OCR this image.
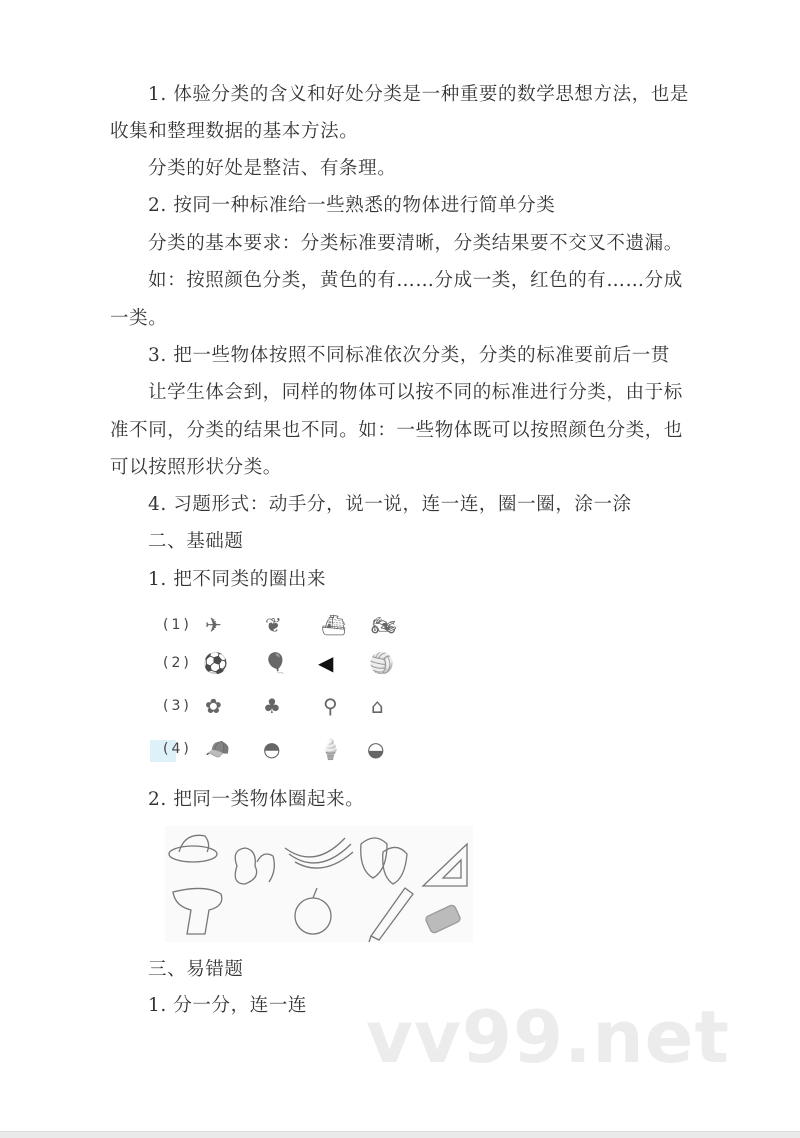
1. 体验分类的含义和好处分类是一种重要的数学思想方法，也是
收集和整理数据的基本方法。
分类的好处是整洁、有条理。
2. 按同一种标准给一些熟悉的物体进行简单分类
分类的基本要求：分类标准要清晰，分类结果要不交叉不遗漏。
如：按照颜色分类，黄色的有……分成一类，红色的有……分成
一类。
3. 把一些物体按照不同标准依次分类，分类的标准要前后一贯
让学生体会到，同样的物体可以按不同的标准进行分类，由于标
准不同，分类的结果也不同。如：一些物体既可以按照颜色分类，也
可以按照形状分类。
4. 习题形式：动手分，说一说，连一连，圈一圈，涂一涂
二、基础题
1. 把不同类的圈出来
(1) ✈ ❦ ⛴ 🏍
(2) ⚽ 🎈 ◀ 🏐
(3) ✿ ♣ ⚲ ⌂
(4) 🧢 ◓ 🍦 ◒
2. 把同一类物体圈起来。
三、易错题
1. 分一分，连一连 vv99.net
